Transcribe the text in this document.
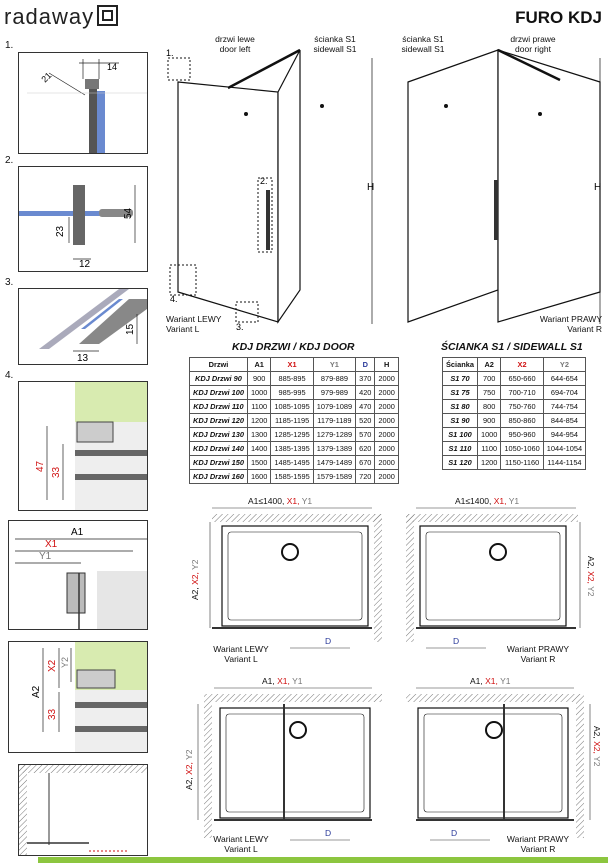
radaway	FURO KDJ
1.
2.
3.
4.
21
14
54
23
12
13
15
47
33
A1
X1
Y1
X2 Y2
A2
33
H
1.
2.
3.
4.
H
drzwi lewe
door left
ścianka S1
sidewall S1
ścianka S1
sidewall S1
drzwi prawe
door right
Wariant LEWY
Variant L
Wariant PRAWY
Variant R
KDJ DRZWI / KDJ DOOR
Drzwi	A1	X1	Y1	D	H
KDJ Drzwi 90	900	885-895	879-889	370	2000
KDJ Drzwi 100	1000	985-995	979-989	420	2000
KDJ Drzwi 110	1100	1085-1095	1079-1089	470	2000
KDJ Drzwi 120	1200	1185-1195	1179-1189	520	2000
KDJ Drzwi 130	1300	1285-1295	1279-1289	570	2000
KDJ Drzwi 140	1400	1385-1395	1379-1389	620	2000
KDJ Drzwi 150	1500	1485-1495	1479-1489	670	2000
KDJ Drzwi 160	1600	1585-1595	1579-1589	720	2000
ŚCIANKA S1 / SIDEWALL S1
Ścianka	A2	X2	Y2
S1 70	700	650-660	644-654
S1 75	750	700-710	694-704
S1 80	800	750-760	744-754
S1 90	900	850-860	844-854
S1 100	1000	950-960	944-954
S1 110	1100	1050-1060	1044-1054
S1 120	1200	1150-1160	1144-1154
A1≤1400, X1, Y1	A1≤1400, X1, Y1
A2, X2, Y2	A2, X2, Y2
D	D
Wariant LEWY
Variant L
Wariant PRAWY
Variant R
A1, X1, Y1	A1, X1, Y1
A2, X2, Y2
A2, X2, Y2
D	D
Wariant LEWY
Variant L
Wariant PRAWY
Variant R
